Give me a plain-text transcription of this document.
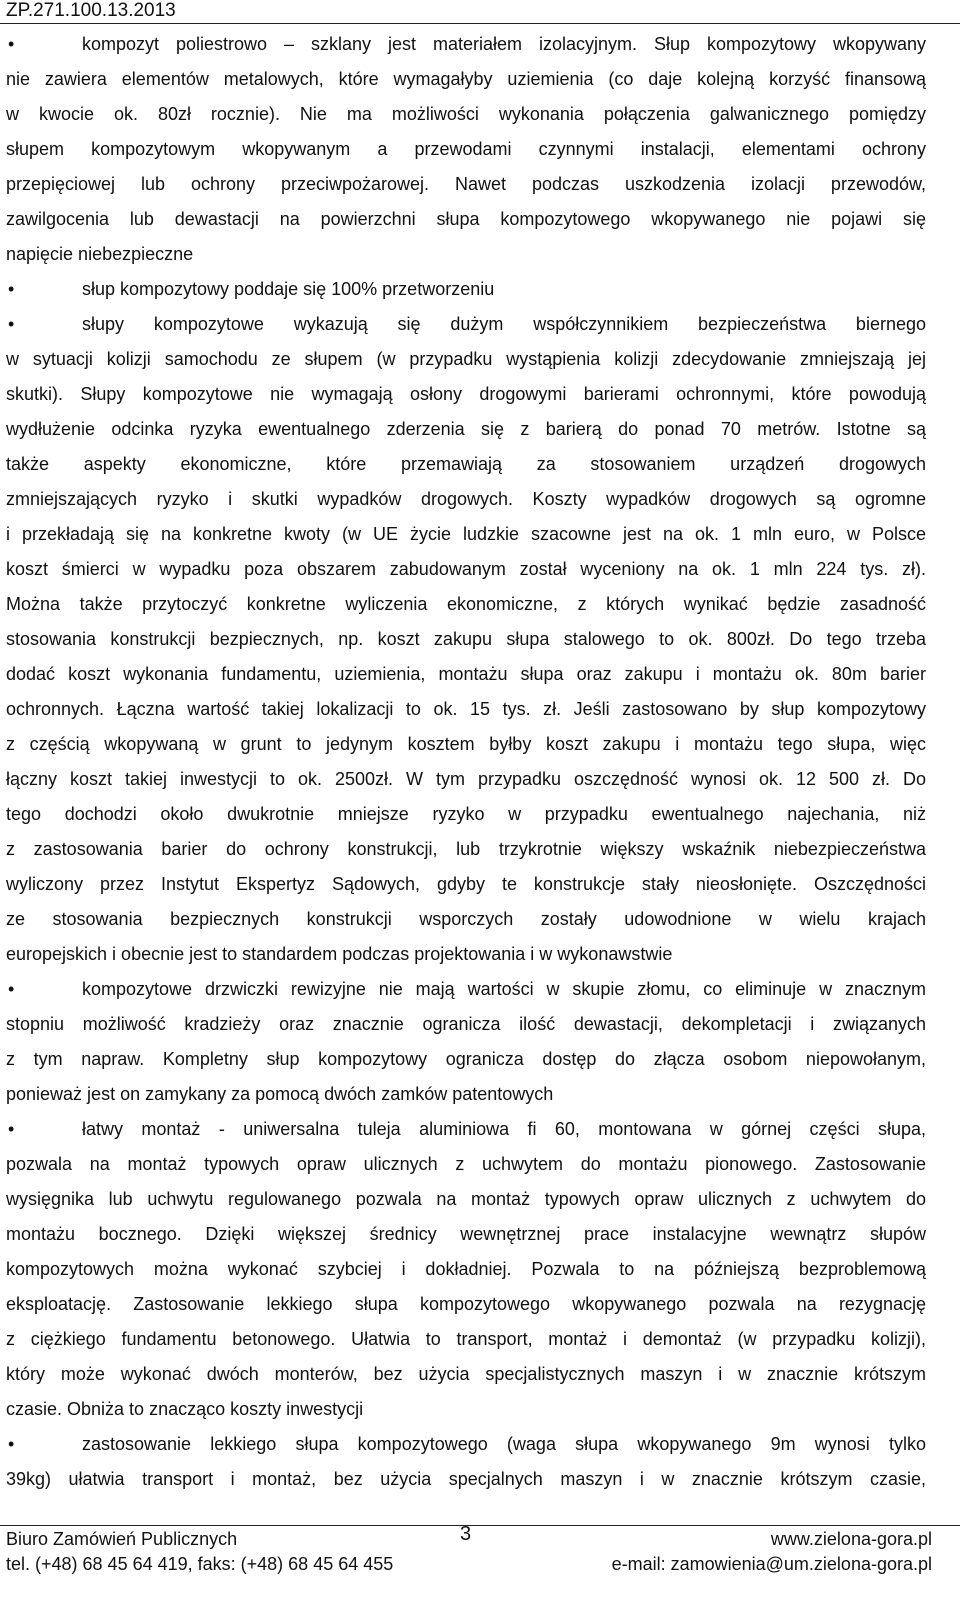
ZP.271.100.13.2013
•	kompozyt poliestrowo – szklany jest materiałem izolacyjnym. Słup kompozytowy wkopywany
nie zawiera elementów metalowych, które wymagałyby uziemienia (co daje kolejną korzyść finansową
w kwocie ok. 80zł rocznie). Nie ma możliwości wykonania połączenia galwanicznego pomiędzy
słupem kompozytowym wkopywanym a przewodami czynnymi instalacji, elementami ochrony
przepięciowej lub ochrony przeciwpożarowej. Nawet podczas uszkodzenia izolacji przewodów,
zawilgocenia lub dewastacji na powierzchni słupa kompozytowego wkopywanego nie pojawi się
napięcie niebezpieczne
•	słup kompozytowy poddaje się 100% przetworzeniu
•	słupy kompozytowe wykazują się dużym współczynnikiem bezpieczeństwa biernego
w sytuacji kolizji samochodu ze słupem (w przypadku wystąpienia kolizji zdecydowanie zmniejszają jej
skutki). Słupy kompozytowe nie wymagają osłony drogowymi barierami ochronnymi, które powodują
wydłużenie odcinka ryzyka ewentualnego zderzenia się z barierą do ponad 70 metrów. Istotne są
także aspekty ekonomiczne, które przemawiają za stosowaniem urządzeń drogowych
zmniejszających ryzyko i skutki wypadków drogowych. Koszty wypadków drogowych są ogromne
i przekładają się na konkretne kwoty (w UE życie ludzkie szacowne jest na ok. 1 mln euro, w Polsce
koszt śmierci w wypadku poza obszarem zabudowanym został wyceniony na ok. 1 mln 224 tys. zł).
Można także przytoczyć konkretne wyliczenia ekonomiczne, z których wynikać będzie zasadność
stosowania konstrukcji bezpiecznych, np. koszt zakupu słupa stalowego to ok. 800zł. Do tego trzeba
dodać koszt wykonania fundamentu, uziemienia, montażu słupa oraz zakupu i montażu ok. 80m barier
ochronnych. Łączna wartość takiej lokalizacji to ok. 15 tys. zł. Jeśli zastosowano by słup kompozytowy
z częścią wkopywaną w grunt to jedynym kosztem byłby koszt zakupu i montażu tego słupa, więc
łączny koszt takiej inwestycji to ok. 2500zł. W tym przypadku oszczędność wynosi ok. 12 500 zł. Do
tego dochodzi około dwukrotnie mniejsze ryzyko w przypadku ewentualnego najechania, niż
z zastosowania barier do ochrony konstrukcji, lub trzykrotnie większy wskaźnik niebezpieczeństwa
wyliczony przez Instytut Ekspertyz Sądowych, gdyby te konstrukcje stały nieosłonięte. Oszczędności
ze stosowania bezpiecznych konstrukcji wsporczych zostały udowodnione w wielu krajach
europejskich i obecnie jest to standardem podczas projektowania i w wykonawstwie
•	kompozytowe drzwiczki rewizyjne nie mają wartości w skupie złomu, co eliminuje w znacznym
stopniu możliwość kradzieży oraz znacznie ogranicza ilość dewastacji, dekompletacji i związanych
z tym napraw. Kompletny słup kompozytowy ogranicza dostęp do złącza osobom niepowołanym,
ponieważ jest on zamykany za pomocą dwóch zamków patentowych
•	łatwy montaż - uniwersalna tuleja aluminiowa fi 60, montowana w górnej części słupa,
pozwala na montaż typowych opraw ulicznych z uchwytem do montażu pionowego. Zastosowanie
wysięgnika lub uchwytu regulowanego pozwala na montaż typowych opraw ulicznych z uchwytem do
montażu bocznego. Dzięki większej średnicy wewnętrznej prace instalacyjne wewnątrz słupów
kompozytowych można wykonać szybciej i dokładniej. Pozwala to na późniejszą bezproblemową
eksploatację. Zastosowanie lekkiego słupa kompozytowego wkopywanego pozwala na rezygnację
z ciężkiego fundamentu betonowego. Ułatwia to transport, montaż i demontaż (w przypadku kolizji),
który może wykonać dwóch monterów, bez użycia specjalistycznych maszyn i w znacznie krótszym
czasie. Obniża to znacząco koszty inwestycji
•	zastosowanie lekkiego słupa kompozytowego (waga słupa wkopywanego 9m wynosi tylko
39kg) ułatwia transport i montaż, bez użycia specjalnych maszyn i w znacznie krótszym czasie,
Biuro Zamówień Publicznych	3	www.zielona-gora.pl
tel. (+48) 68 45 64 419, faks: (+48) 68 45 64 455	e-mail: zamowienia@um.zielona-gora.pl
